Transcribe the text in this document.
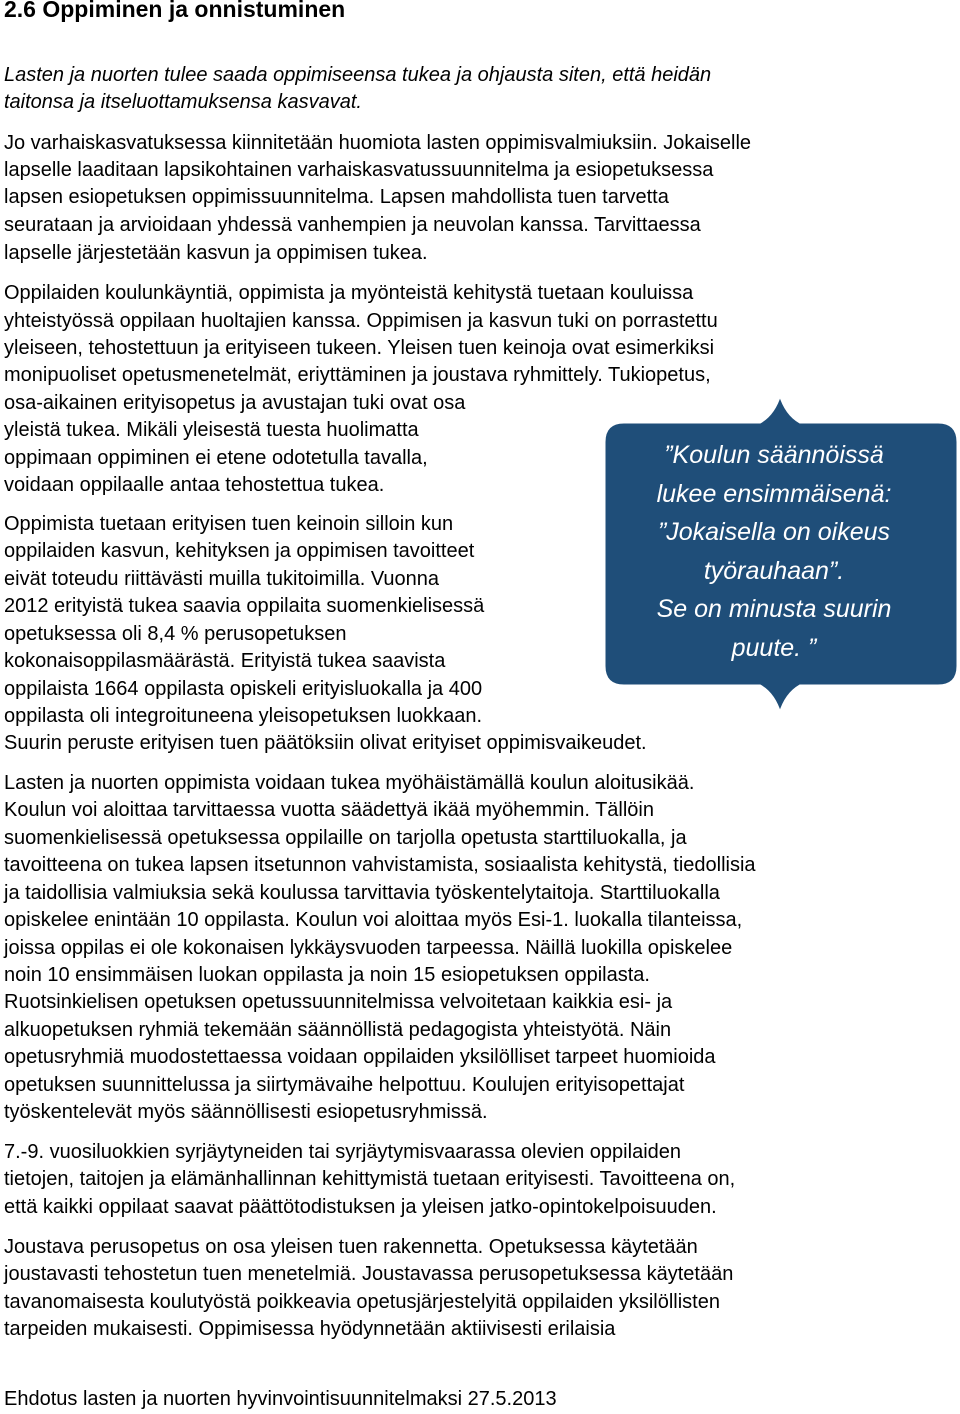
2.6 Oppiminen ja onnistuminen

Lasten ja nuorten tulee saada oppimiseensa tukea ja ohjausta siten, että heidän

taitonsa ja itseluottamuksensa kasvavat.

Jo varhaiskasvatuksessa kiinnitetään huomiota lasten oppimisvalmiuksiin. Jokaiselle

lapselle laaditaan lapsikohtainen varhaiskasvatussuunnitelma ja esiopetuksessa

lapsen esiopetuksen oppimissuunnitelma. Lapsen mahdollista tuen tarvetta

seurataan ja arvioidaan yhdessä vanhempien ja neuvolan kanssa. Tarvittaessa

lapselle järjestetään kasvun ja oppimisen tukea.

Oppilaiden koulunkäyntiä, oppimista ja myönteistä kehitystä tuetaan kouluissa

yhteistyössä oppilaan huoltajien kanssa. Oppimisen ja kasvun tuki on porrastettu

yleiseen, tehostettuun ja erityiseen tukeen. Yleisen tuen keinoja ovat esimerkiksi

monipuoliset opetusmenetelmät, eriyttäminen ja joustava ryhmittely. Tukiopetus,

osa-aikainen erityisopetus ja avustajan tuki ovat osa

yleistä tukea. Mikäli yleisestä tuesta huolimatta

oppimaan oppiminen ei etene odotetulla tavalla,

voidaan oppilaalle antaa tehostettua tukea.

Oppimista tuetaan erityisen tuen keinoin silloin kun

oppilaiden kasvun, kehityksen ja oppimisen tavoitteet

eivät toteudu riittävästi muilla tukitoimilla. Vuonna

2012 erityistä tukea saavia oppilaita suomenkielisessä

opetuksessa oli 8,4 % perusopetuksen

kokonaisoppilasmäärästä. Erityistä tukea saavista

oppilaista 1664 oppilasta opiskeli erityisluokalla ja 400

oppilasta oli integroituneena yleisopetuksen luokkaan.

Suurin peruste erityisen tuen päätöksiin olivat erityiset oppimisvaikeudet.

Lasten ja nuorten oppimista voidaan tukea myöhäistämällä koulun aloitusikää.

Koulun voi aloittaa tarvittaessa vuotta säädettyä ikää myöhemmin. Tällöin

suomenkielisessä opetuksessa oppilaille on tarjolla opetusta starttiluokalla, ja

tavoitteena on tukea lapsen itsetunnon vahvistamista, sosiaalista kehitystä, tiedollisia

ja taidollisia valmiuksia sekä koulussa tarvittavia työskentelytaitoja. Starttiluokalla

opiskelee enintään 10 oppilasta. Koulun voi aloittaa myös Esi-1. luokalla tilanteissa,

joissa oppilas ei ole kokonaisen lykkäysvuoden tarpeessa. Näillä luokilla opiskelee

noin 10 ensimmäisen luokan oppilasta ja noin 15 esiopetuksen oppilasta.

Ruotsinkielisen opetuksen opetussuunnitelmissa velvoitetaan kaikkia esi- ja

alkuopetuksen ryhmiä tekemään säännöllistä pedagogista yhteistyötä. Näin

opetusryhmiä muodostettaessa voidaan oppilaiden yksilölliset tarpeet huomioida

opetuksen suunnittelussa ja siirtymävaihe helpottuu. Koulujen erityisopettajat

työskentelevät myös säännöllisesti esiopetusryhmissä.

7.-9. vuosiluokkien syrjäytyneiden tai syrjäytymisvaarassa olevien oppilaiden

tietojen, taitojen ja elämänhallinnan kehittymistä tuetaan erityisesti. Tavoitteena on,

että kaikki oppilaat saavat päättötodistuksen ja yleisen jatko-opintokelpoisuuden.

Joustava perusopetus on osa yleisen tuen rakennetta. Opetuksessa käytetään

joustavasti tehostetun tuen menetelmiä. Joustavassa perusopetuksessa käytetään

tavanomaisesta koulutyöstä poikkeavia opetusjärjestelyitä oppilaiden yksilöllisten

tarpeiden mukaisesti. Oppimisessa hyödynnetään aktiivisesti erilaisia

”Koulun säännöissä
lukee ensimmäisenä:
”Jokaisella on oikeus
työrauhaan”.
Se on minusta suurin
puute. ”
Ehdotus lasten ja nuorten hyvinvointisuunnitelmaksi 27.5.2013
